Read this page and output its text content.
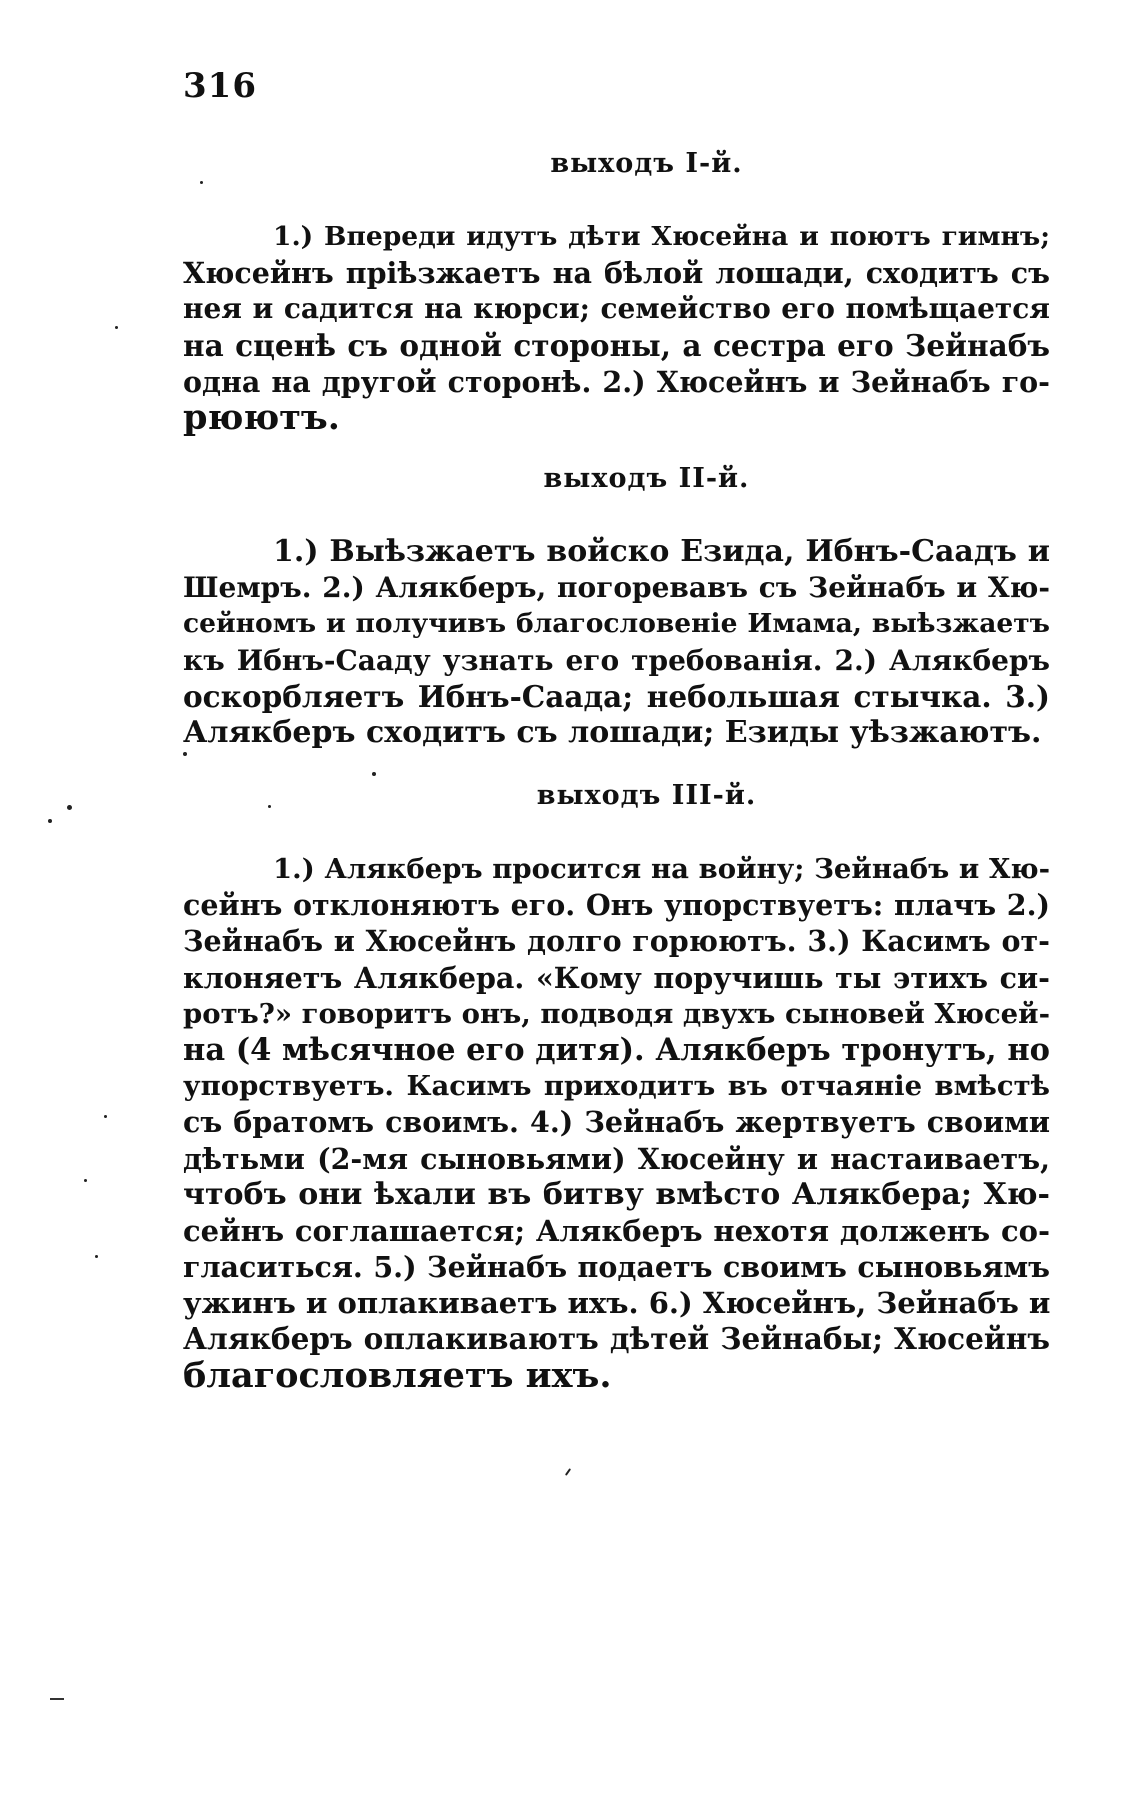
316
выходъ I-й.
1.) Впереди идутъ дѣти Хюсейна и поютъ гимнъ;
Хюсейнъ пріѣзжаетъ на бѣлой лошади, сходитъ съ
нея и садится на кюрси; семейство его помѣщается
на сценѣ съ одной стороны, а сестра его Зейнабъ
одна на другой сторонѣ. 2.) Хюсейнъ и Зейнабъ го-
рюютъ.
выходъ II-й.
1.) Выѣзжаетъ войско Езида, Ибнъ-Саадъ и
Шемръ. 2.) Алякберъ, погоревавъ съ Зейнабъ и Хю-
сейномъ и получивъ благословеніе Имама, выѣзжаетъ
къ Ибнъ-Сааду узнать его требованія. 2.) Алякберъ
оскорбляетъ Ибнъ-Саада; небольшая стычка. 3.)
Алякберъ сходитъ съ лошади; Езиды уѣзжаютъ.
выходъ III-й.
1.) Алякберъ просится на войну; Зейнабъ и Хю-
сейнъ отклоняютъ его. Онъ упорствуетъ: плачъ 2.)
Зейнабъ и Хюсейнъ долго горюютъ. 3.) Касимъ от-
клоняетъ Алякбера. «Кому поручишь ты этихъ си-
ротъ?» говоритъ онъ, подводя двухъ сыновей Хюсей-
на (4 мѣсячное его дитя). Алякберъ тронутъ, но
упорствуетъ. Касимъ приходитъ въ отчаяніе вмѣстѣ
съ братомъ своимъ. 4.) Зейнабъ жертвуетъ своими
дѣтьми (2-мя сыновьями) Хюсейну и настаиваетъ,
чтобъ они ѣхали въ битву вмѣсто Алякбера; Хю-
сейнъ соглашается; Алякберъ нехотя долженъ со-
гласиться. 5.) Зейнабъ подаетъ своимъ сыновьямъ
ужинъ и оплакиваетъ ихъ. 6.) Хюсейнъ, Зейнабъ и
Алякберъ оплакиваютъ дѣтей Зейнабы; Хюсейнъ
благословляетъ ихъ.
